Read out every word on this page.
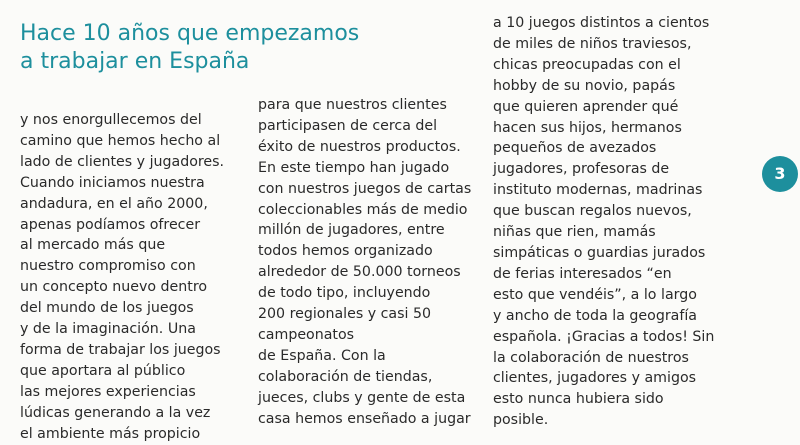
Hace 10 años que empezamos
a trabajar en España
y nos enorgullecemos del
camino que hemos hecho al
lado de clientes y jugadores.
Cuando iniciamos nuestra
andadura, en el año 2000,
apenas podíamos ofrecer
al mercado más que
nuestro compromiso con
un concepto nuevo dentro
del mundo de los juegos
y de la imaginación. Una
forma de trabajar los juegos
que aportara al público
las mejores experiencias
lúdicas generando a la vez
el ambiente más propicio
para que nuestros clientes
participasen de cerca del
éxito de nuestros productos.
En este tiempo han jugado
con nuestros juegos de cartas
coleccionables más de medio
millón de jugadores, entre
todos hemos organizado
alrededor de 50.000 torneos
de todo tipo, incluyendo
200 regionales y casi 50
campeonatos
de España. Con la
colaboración de tiendas,
jueces, clubs y gente de esta
casa hemos enseñado a jugar
a 10 juegos distintos a cientos
de miles de niños traviesos,
chicas preocupadas con el
hobby de su novio, papás
que quieren aprender qué
hacen sus hijos, hermanos
pequeños de avezados
jugadores, profesoras de
instituto modernas, madrinas
que buscan regalos nuevos,
niñas que rien, mamás
simpáticas o guardias jurados
de ferias interesados “en
esto que vendéis”, a lo largo
y ancho de toda la geografía
española. ¡Gracias a todos! Sin
la colaboración de nuestros
clientes, jugadores y amigos
esto nunca hubiera sido
posible.
3
